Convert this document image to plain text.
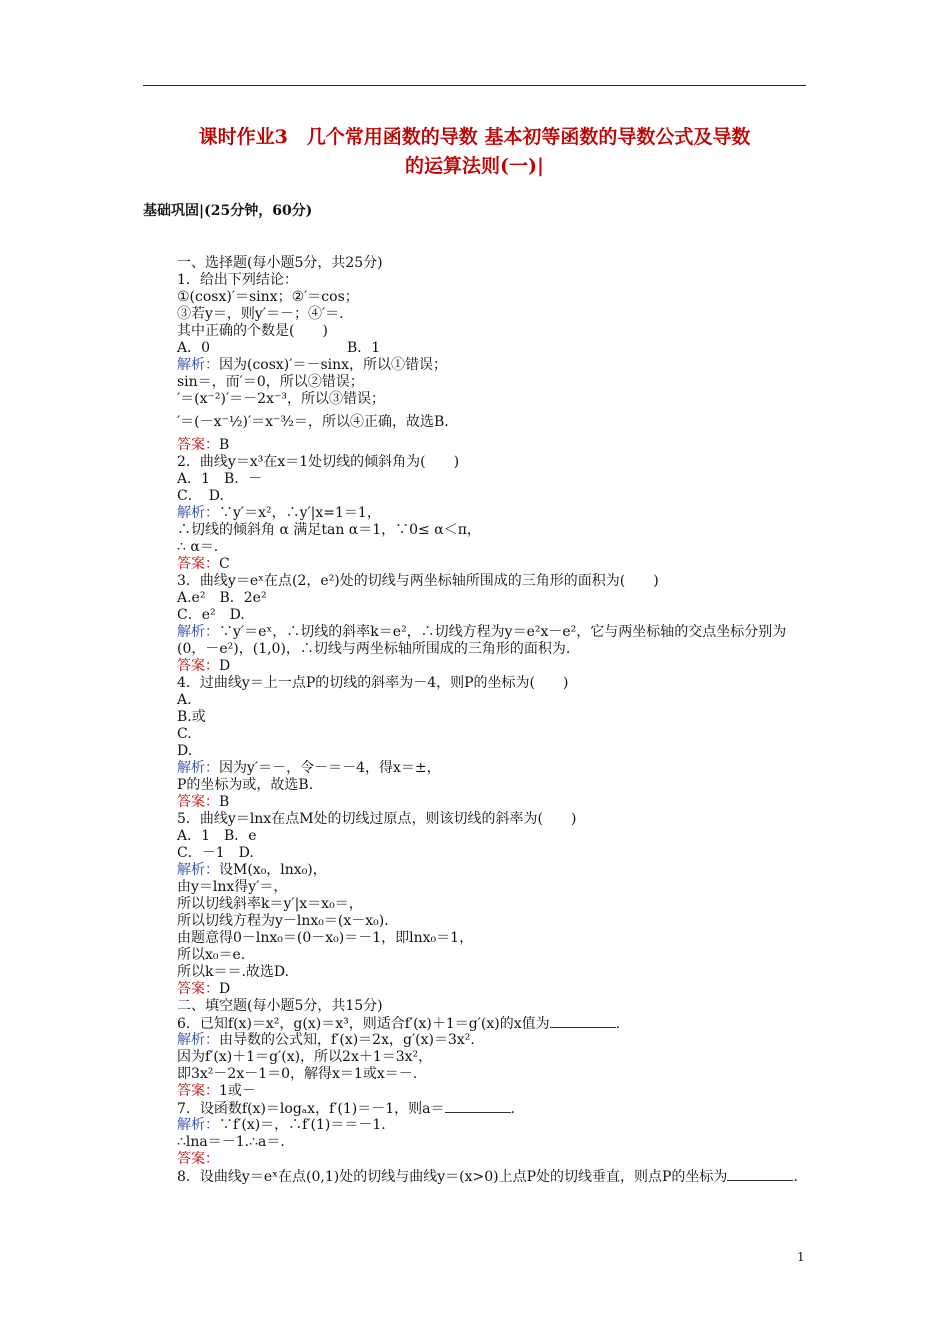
课时作业3　几个常用函数的导数 基本初等函数的导数公式及导数
的运算法则(一)|
基础巩固|(25分钟，60分)
一、选择题(每小题5分，共25分)
1．给出下列结论：
①(cosx)′＝sinx；②′＝cos；
③若y＝，则y′＝－；④′＝.
其中正确的个数是(　　)
A．0	B．1
解析：因为(cosx)′＝－sinx，所以①错误；
sin＝，而′＝0，所以②错误；
′＝(x⁻²)′＝－2x⁻³，所以③错误；
′＝(－x⁻½)′＝x⁻³⁄₂＝，所以④正确，故选B.
答案：B
2．曲线y＝x³在x＝1处切线的倾斜角为(　　)
A．1　B．－
C．　D.
解析：∵y′＝x²，∴y′|x=1＝1，
∴切线的倾斜角 α 满足tan α＝1，∵0≤ α＜π，
∴ α＝.
答案：C
3．曲线y＝eˣ在点(2，e²)处的切线与两坐标轴所围成的三角形的面积为(　　)
A.e²　B．2e²
C．e²　D.
解析：∵y′＝eˣ，∴切线的斜率k＝e²，∴切线方程为y＝e²x－e²，它与两坐标轴的交点坐标分别为(0，－e²)，(1,0)，∴切线与两坐标轴所围成的三角形的面积为.
答案：D
4．过曲线y＝上一点P的切线的斜率为－4，则P的坐标为(　　)
A.
B.或
C.
D.
解析：因为y′＝－，令－＝－4，得x＝±，
P的坐标为或，故选B.
答案：B
5．曲线y＝lnx在点M处的切线过原点，则该切线的斜率为(　　)
A．1　B．e
C．－1　D.
解析：设M(x₀，lnx₀)，
由y＝lnx得y′＝，
所以切线斜率k＝y′|x＝x₀＝，
所以切线方程为y－lnx₀＝(x－x₀).
由题意得0－lnx₀＝(0－x₀)＝－1，即lnx₀＝1，
所以x₀＝e.
所以k＝＝.故选D.
答案：D
二、填空题(每小题5分，共15分)
6．已知f(x)＝x²，g(x)＝x³，则适合f′(x)＋1＝g′(x)的x值为	.
解析：由导数的公式知，f′(x)＝2x，g′(x)＝3x².
因为f′(x)＋1＝g′(x)，所以2x＋1＝3x²，
即3x²－2x－1＝0，解得x＝1或x＝－.
答案：1或－
7．设函数f(x)＝logₐx，f′(1)＝－1，则a＝	.
解析：∵f′(x)＝，∴f′(1)＝＝－1.
∴lna＝－1.∴a＝.
答案：
8．设曲线y＝eˣ在点(0,1)处的切线与曲线y＝(x>0)上点P处的切线垂直，则点P的坐标为	.
1
